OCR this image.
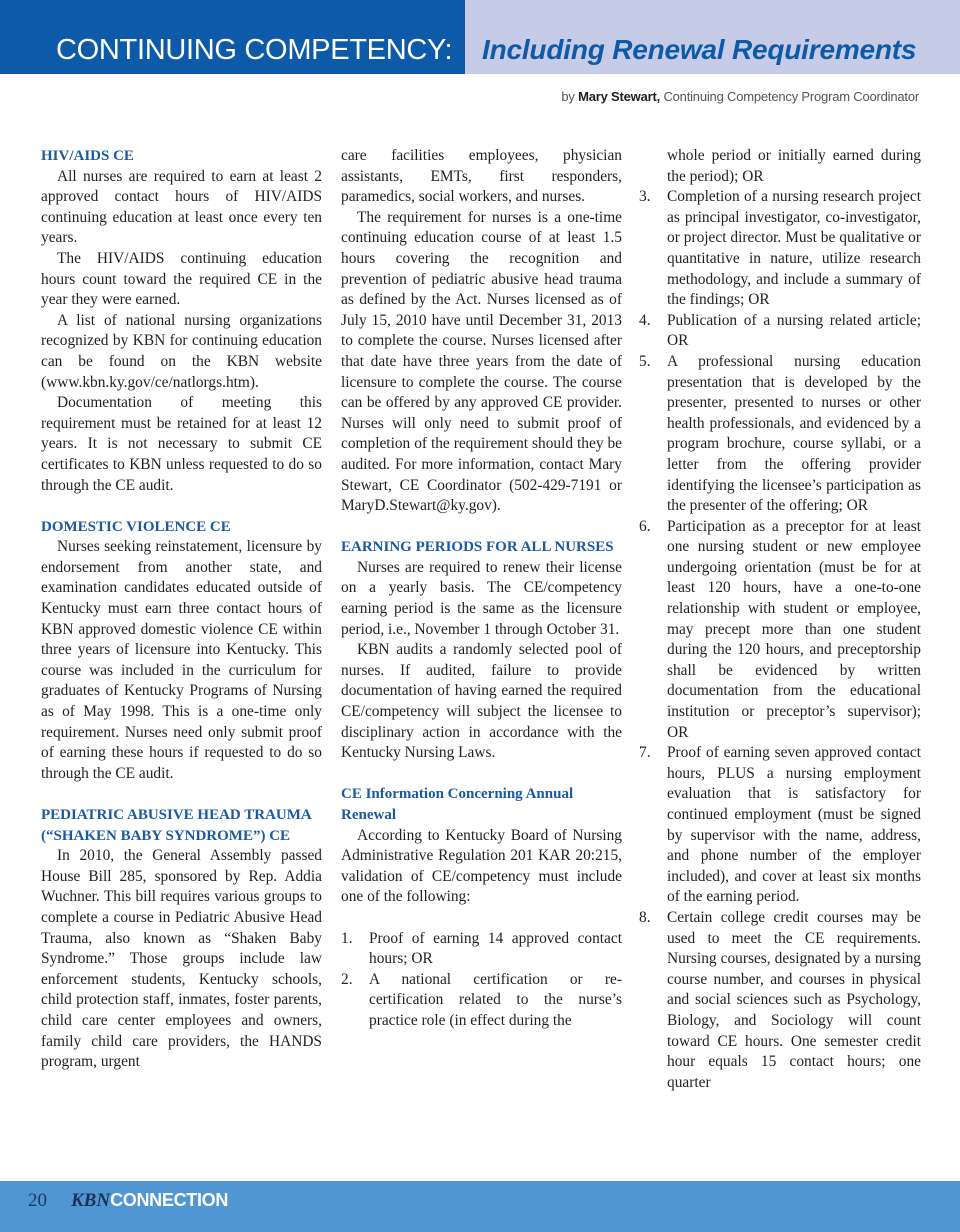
CONTINUING COMPETENCY: Including Renewal Requirements
by Mary Stewart, Continuing Competency Program Coordinator
HIV/AIDS CE

All nurses are required to earn at least 2 approved contact hours of HIV/AIDS continuing education at least once every ten years.

The HIV/AIDS continuing education hours count toward the required CE in the year they were earned.

A list of national nursing organizations recognized by KBN for continuing education can be found on the KBN website (www.kbn.ky.gov/ce/natlorgs.htm).

Documentation of meeting this requirement must be retained for at least 12 years. It is not necessary to submit CE certificates to KBN unless requested to do so through the CE audit.

DOMESTIC VIOLENCE CE

Nurses seeking reinstatement, licensure by endorsement from another state, and examination candidates educated outside of Kentucky must earn three contact hours of KBN approved domestic violence CE within three years of licensure into Kentucky. This course was included in the curriculum for graduates of Kentucky Programs of Nursing as of May 1998. This is a one-time only requirement. Nurses need only submit proof of earning these hours if requested to do so through the CE audit.

PEDIATRIC ABUSIVE HEAD TRAUMA (“SHAKEN BABY SYNDROME”) CE

In 2010, the General Assembly passed House Bill 285, sponsored by Rep. Addia Wuchner. This bill requires various groups to complete a course in Pediatric Abusive Head Trauma, also known as “Shaken Baby Syndrome.” Those groups include law enforcement students, Kentucky schools, child protection staff, inmates, foster parents, child care center employees and owners, family child care providers, the HANDS program, urgent

care facilities employees, physician assistants, EMTs, first responders, paramedics, social workers, and nurses.

The requirement for nurses is a one-time continuing education course of at least 1.5 hours covering the recognition and prevention of pediatric abusive head trauma as defined by the Act. Nurses licensed as of July 15, 2010 have until December 31, 2013 to complete the course. Nurses licensed after that date have three years from the date of licensure to complete the course. The course can be offered by any approved CE provider. Nurses will only need to submit proof of completion of the requirement should they be audited. For more information, contact Mary Stewart, CE Coordinator (502-429-7191 or MaryD.Stewart@ky.gov).

EARNING PERIODS FOR ALL NURSES

Nurses are required to renew their license on a yearly basis. The CE/competency earning period is the same as the licensure period, i.e., November 1 through October 31.

KBN audits a randomly selected pool of nurses. If audited, failure to provide documentation of having earned the required CE/competency will subject the licensee to disciplinary action in accordance with the Kentucky Nursing Laws.

CE Information Concerning Annual Renewal

According to Kentucky Board of Nursing Administrative Regulation 201 KAR 20:215, validation of CE/competency must include one of the following:

1. Proof of earning 14 approved contact hours; OR
2. A national certification or re-certification related to the nurse’s practice role (in effect during the
whole period or initially earned during the period); OR
3. Completion of a nursing research project as principal investigator, co-investigator, or project director. Must be qualitative or quantitative in nature, utilize research methodology, and include a summary of the findings; OR
4. Publication of a nursing related article; OR
5. A professional nursing education presentation that is developed by the presenter, presented to nurses or other health professionals, and evidenced by a program brochure, course syllabi, or a letter from the offering provider identifying the licensee’s participation as the presenter of the offering; OR
6. Participation as a preceptor for at least one nursing student or new employee undergoing orientation (must be for at least 120 hours, have a one-to-one relationship with student or employee, may precept more than one student during the 120 hours, and preceptorship shall be evidenced by written documentation from the educational institution or preceptor’s supervisor); OR
7. Proof of earning seven approved contact hours, PLUS a nursing employment evaluation that is satisfactory for continued employment (must be signed by supervisor with the name, address, and phone number of the employer included), and cover at least six months of the earning period.
8. Certain college credit courses may be used to meet the CE requirements. Nursing courses, designated by a nursing course number, and courses in physical and social sciences such as Psychology, Biology, and Sociology will count toward CE hours. One semester credit hour equals 15 contact hours; one quarter
20 KBNCONNECTION
